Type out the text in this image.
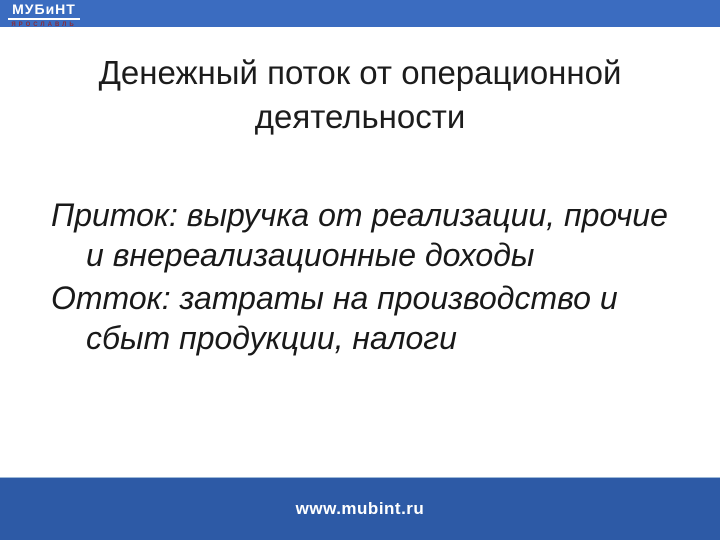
МУБиНТ
ЯРОСЛАВЛЬ
Денежный поток от операционной
деятельности
Приток: выручка от реализации, прочие
и внереализационные доходы
Отток: затраты на производство и
сбыт продукции, налоги
www.mubint.ru
